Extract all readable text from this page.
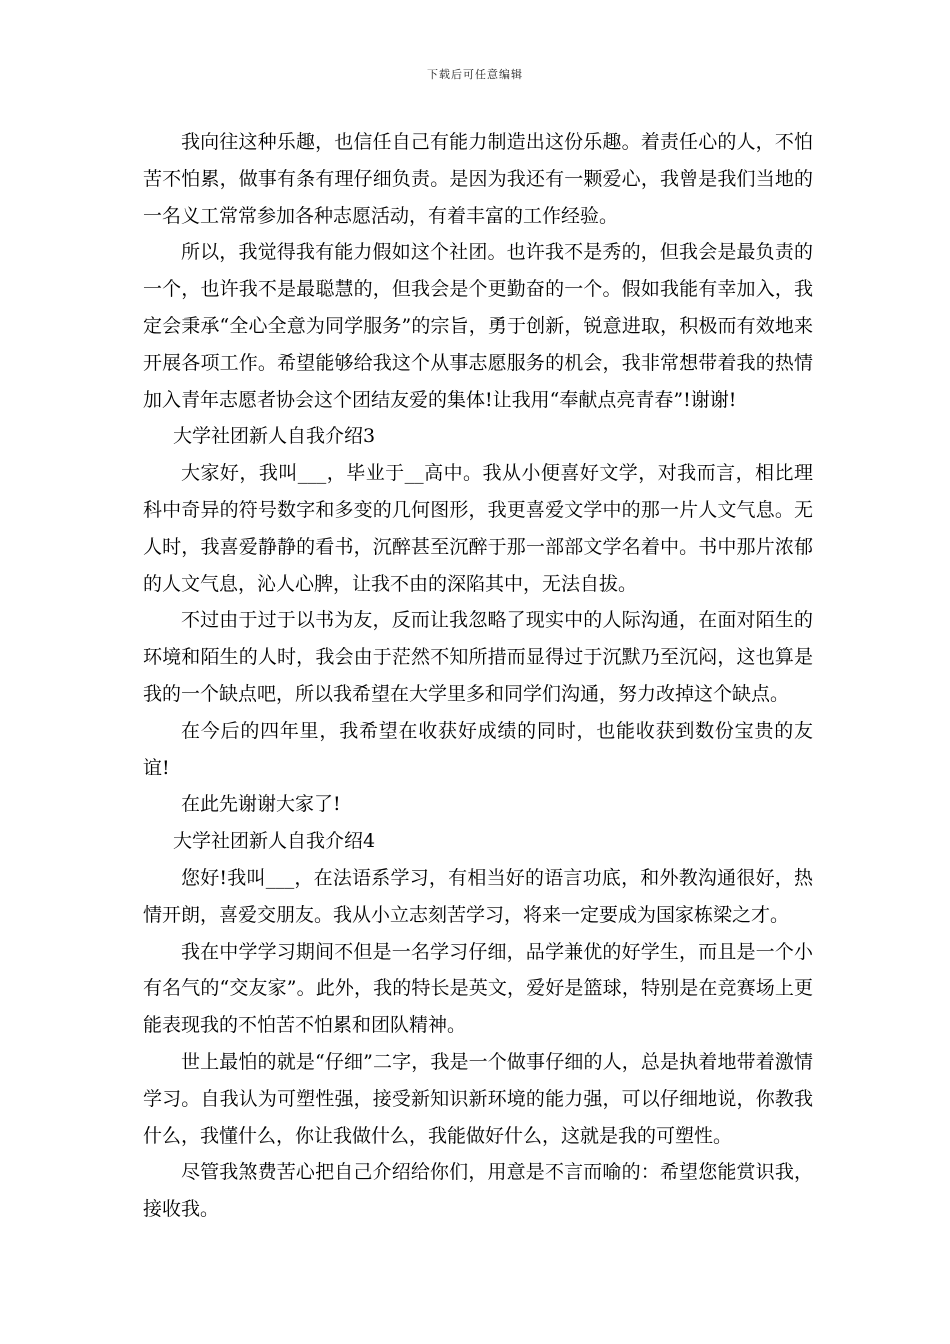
下载后可任意编辑

我向往这种乐趣，也信任自己有能力制造出这份乐趣。着责任心的人，不怕苦不怕累，做事有条有理仔细负责。是因为我还有一颗爱心，我曾是我们当地的一名义工常常参加各种志愿活动，有着丰富的工作经验。

所以，我觉得我有能力假如这个社团。也许我不是秀的，但我会是最负责的一个，也许我不是最聪慧的，但我会是个更勤奋的一个。假如我能有幸加入，我定会秉承“全心全意为同学服务”的宗旨，勇于创新，锐意进取，积极而有效地来开展各项工作。希望能够给我这个从事志愿服务的机会，我非常想带着我的热情加入青年志愿者协会这个团结友爱的集体!让我用“奉献点亮青春”!谢谢!

大学社团新人自我介绍3

大家好，我叫___，毕业于__高中。我从小便喜好文学，对我而言，相比理科中奇异的符号数字和多变的几何图形，我更喜爱文学中的那一片人文气息。无人时，我喜爱静静的看书，沉醉甚至沉醉于那一部部文学名着中。书中那片浓郁的人文气息，沁人心脾，让我不由的深陷其中，无法自拔。

不过由于过于以书为友，反而让我忽略了现实中的人际沟通，在面对陌生的环境和陌生的人时，我会由于茫然不知所措而显得过于沉默乃至沉闷，这也算是我的一个缺点吧，所以我希望在大学里多和同学们沟通，努力改掉这个缺点。

在今后的四年里，我希望在收获好成绩的同时，也能收获到数份宝贵的友谊!

在此先谢谢大家了!

大学社团新人自我介绍4

您好!我叫___，在法语系学习，有相当好的语言功底，和外教沟通很好，热情开朗，喜爱交朋友。我从小立志刻苦学习，将来一定要成为国家栋梁之才。

我在中学学习期间不但是一名学习仔细，品学兼优的好学生，而且是一个小有名气的“交友家”。此外，我的特长是英文，爱好是篮球，特别是在竞赛场上更能表现我的不怕苦不怕累和团队精神。

世上最怕的就是“仔细”二字，我是一个做事仔细的人，总是执着地带着激情学习。自我认为可塑性强，接受新知识新环境的能力强，可以仔细地说，你教我什么，我懂什么，你让我做什么，我能做好什么，这就是我的可塑性。

尽管我煞费苦心把自己介绍给你们，用意是不言而喻的：希望您能赏识我，接收我。
